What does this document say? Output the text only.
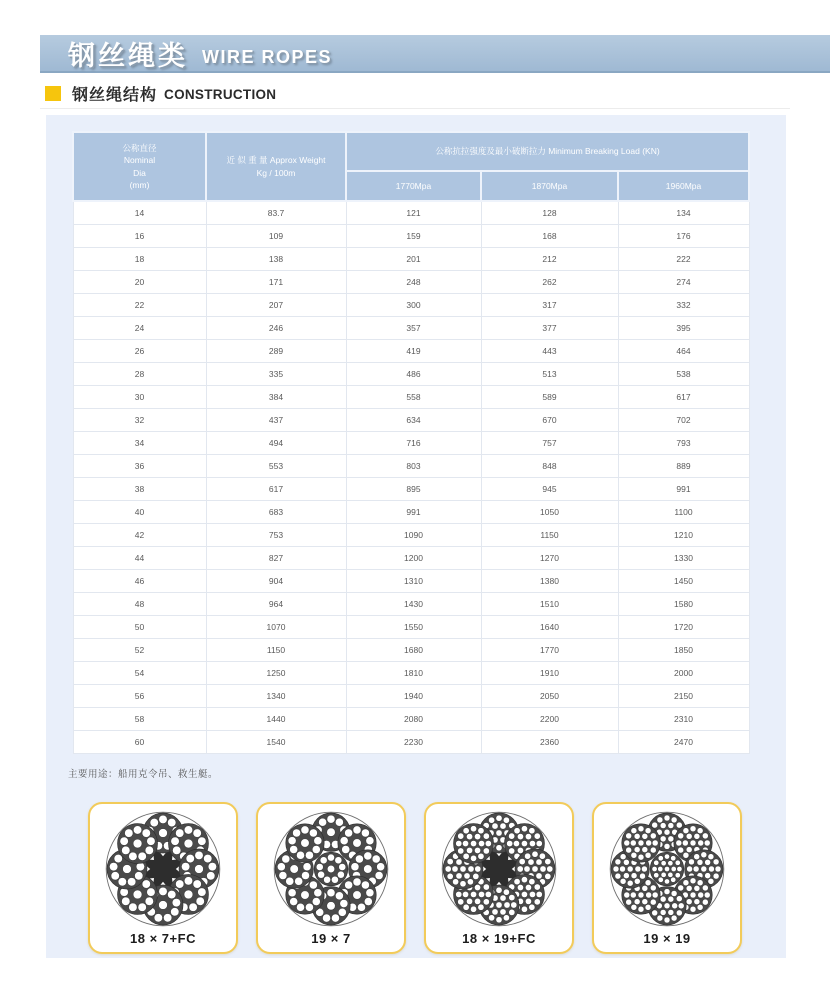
钢丝绳类 WIRE ROPES
钢丝绳结构 CONSTRUCTION
公称直径
Nominal
Dia
(mm)

近 似 重 量 Approx Weight
Kg / 100m
	公称抗拉强度及最小破断拉力 Minimum Breaking Load (KN)
		1770Mpa	1870Mpa	1960Mpa
14	83.7	121	128	134
16	109	159	168	176
18	138	201	212	222
20	171	248	262	274
22	207	300	317	332
24	246	357	377	395
26	289	419	443	464
28	335	486	513	538
30	384	558	589	617
32	437	634	670	702
34	494	716	757	793
36	553	803	848	889
38	617	895	945	991
40	683	991	1050	1100
42	753	1090	1150	1210
44	827	1200	1270	1330
46	904	1310	1380	1450
48	964	1430	1510	1580
50	1070	1550	1640	1720
52	1150	1680	1770	1850
54	1250	1810	1910	2000
56	1340	1940	2050	2150
58	1440	2080	2200	2310
60	1540	2230	2360	2470
主要用途：船用克令吊、救生艇。
18 × 7+FC	19 × 7	18 × 19+FC	19 × 19
